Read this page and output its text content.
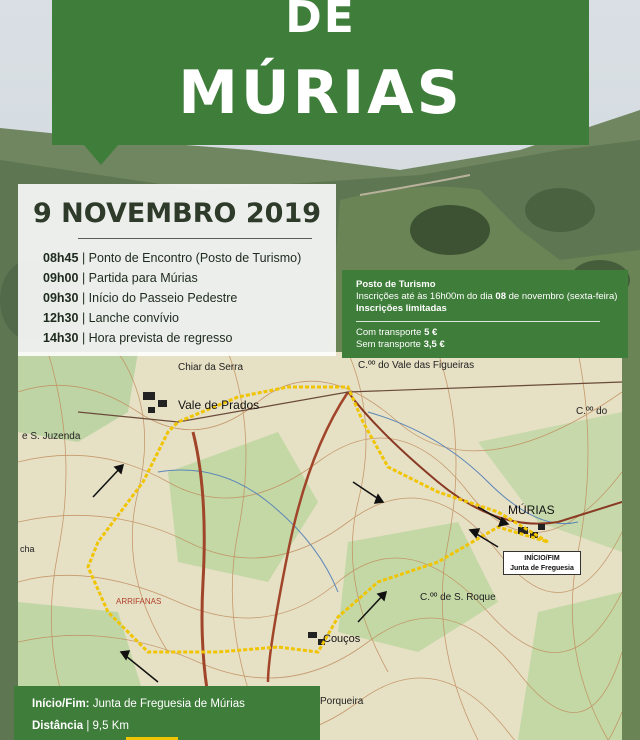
Chiar da Serra	C.ºº do Vale das Figueiras
Vale de Prados	C.ºº do
e S. Juzenda
MÚRIAS
cha
C.ºº de S. Roque
ARRIFANAS
Couços
Porqueira
DE
MÚRIAS
9 NOVEMBRO 2019
08h45 | Ponto de Encontro (Posto de Turismo)
09h00 | Partida para Múrias
09h30 | Início do Passeio Pedestre
12h30 | Lanche convívio
14h30 | Hora prevista de regresso
Posto de Turismo
Inscrições até às 16h00m do dia 08 de novembro (sexta-feira)
Inscrições limitadas
Com transporte 5 €
Sem transporte 3,5 €
INÍCIO/FIM
Junta de Freguesia
Início/Fim: Junta de Freguesia de Múrias
Distância | 9,5 Km
